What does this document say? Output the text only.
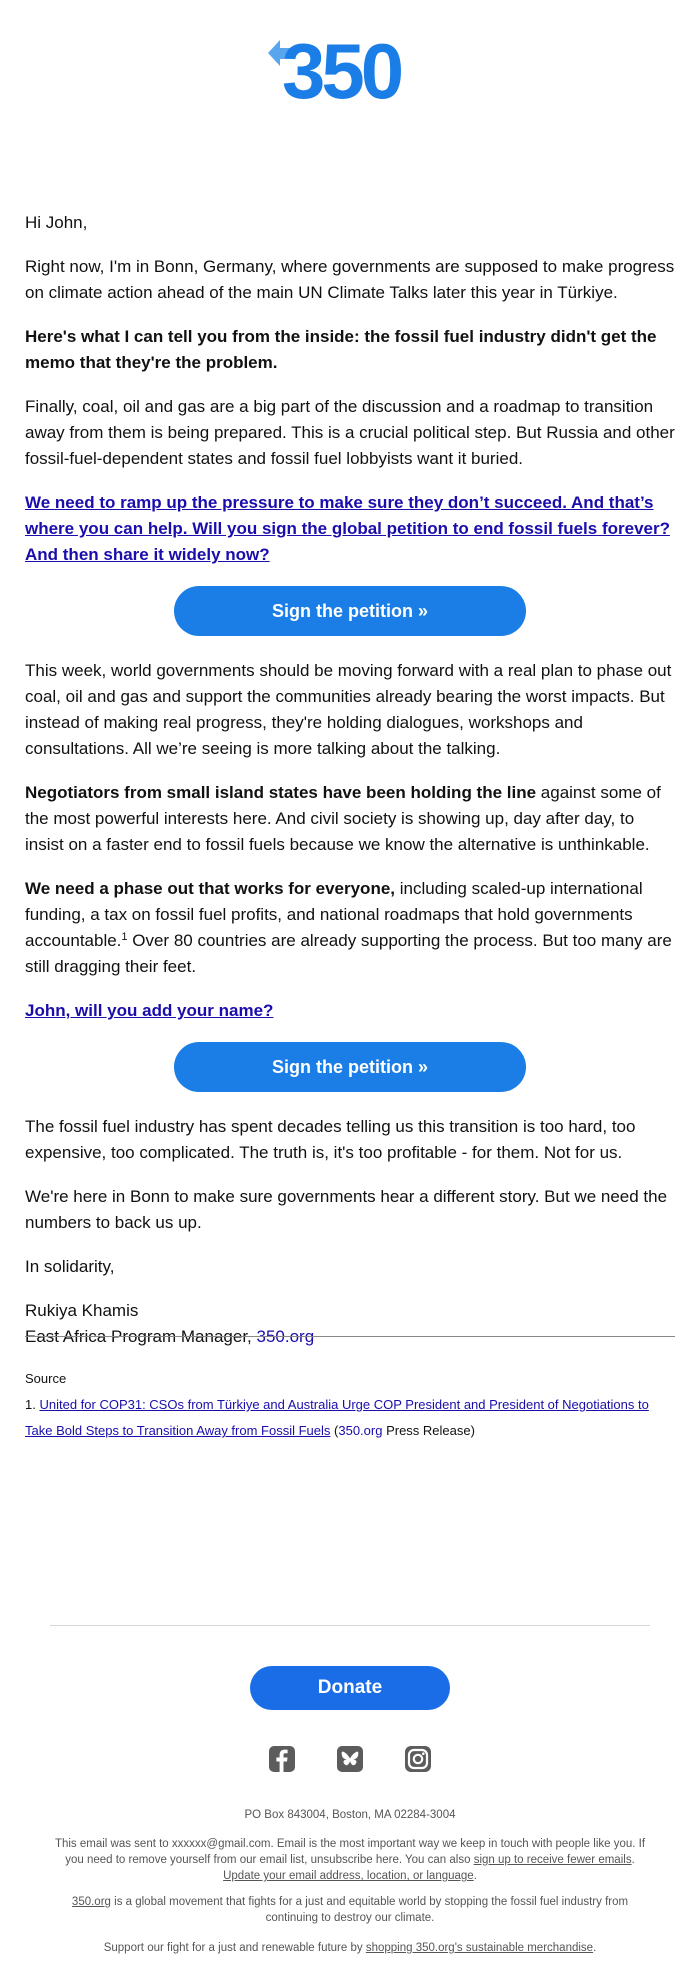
350

Hi John,

Right now, I'm in Bonn, Germany, where governments are supposed to make progress on climate action ahead of the main UN Climate Talks later this year in Türkiye.

Here's what I can tell you from the inside: the fossil fuel industry didn't get the memo that they're the problem.

Finally, coal, oil and gas are a big part of the discussion and a roadmap to transition away from them is being prepared. This is a crucial political step. But Russia and other fossil-fuel-dependent states and fossil fuel lobbyists want it buried.

We need to ramp up the pressure to make sure they don’t succeed. And that’s where you can help. Will you sign the global petition to end fossil fuels forever? And then share it widely now?

Sign the petition »

This week, world governments should be moving forward with a real plan to phase out coal, oil and gas and support the communities already bearing the worst impacts. But instead of making real progress, they're holding dialogues, workshops and consultations. All we’re seeing is more talking about the talking.

Negotiators from small island states have been holding the line against some of the most powerful interests here. And civil society is showing up, day after day, to insist on a faster end to fossil fuels because we know the alternative is unthinkable.

We need a phase out that works for everyone, including scaled-up international funding, a tax on fossil fuel profits, and national roadmaps that hold governments accountable.$^1$ Over 80 countries are already supporting the process. But too many are still dragging their feet.

John, will you add your name?

Sign the petition »

The fossil fuel industry has spent decades telling us this transition is too hard, too expensive, too complicated. The truth is, it's too profitable - for them. Not for us.

We're here in Bonn to make sure governments hear a different story. But we need the numbers to back us up.

In solidarity,

Rukiya Khamis
East Africa Program Manager, 350.org

Source
1. United for COP31: CSOs from Türkiye and Australia Urge COP President and President of Negotiations to Take Bold Steps to Transition Away from Fossil Fuels (350.org Press Release)
Donate

PO Box 843004, Boston, MA 02284-3004
This email was sent to xxxxxx@gmail.com. Email is the most important way we keep in touch with people like you. If you need to remove yourself from our email list, unsubscribe here. You can also sign up to receive fewer emails. Update your email address, location, or language.
350.org is a global movement that fights for a just and equitable world by stopping the fossil fuel industry from continuing to destroy our climate.
Support our fight for a just and renewable future by shopping 350.org's sustainable merchandise.
